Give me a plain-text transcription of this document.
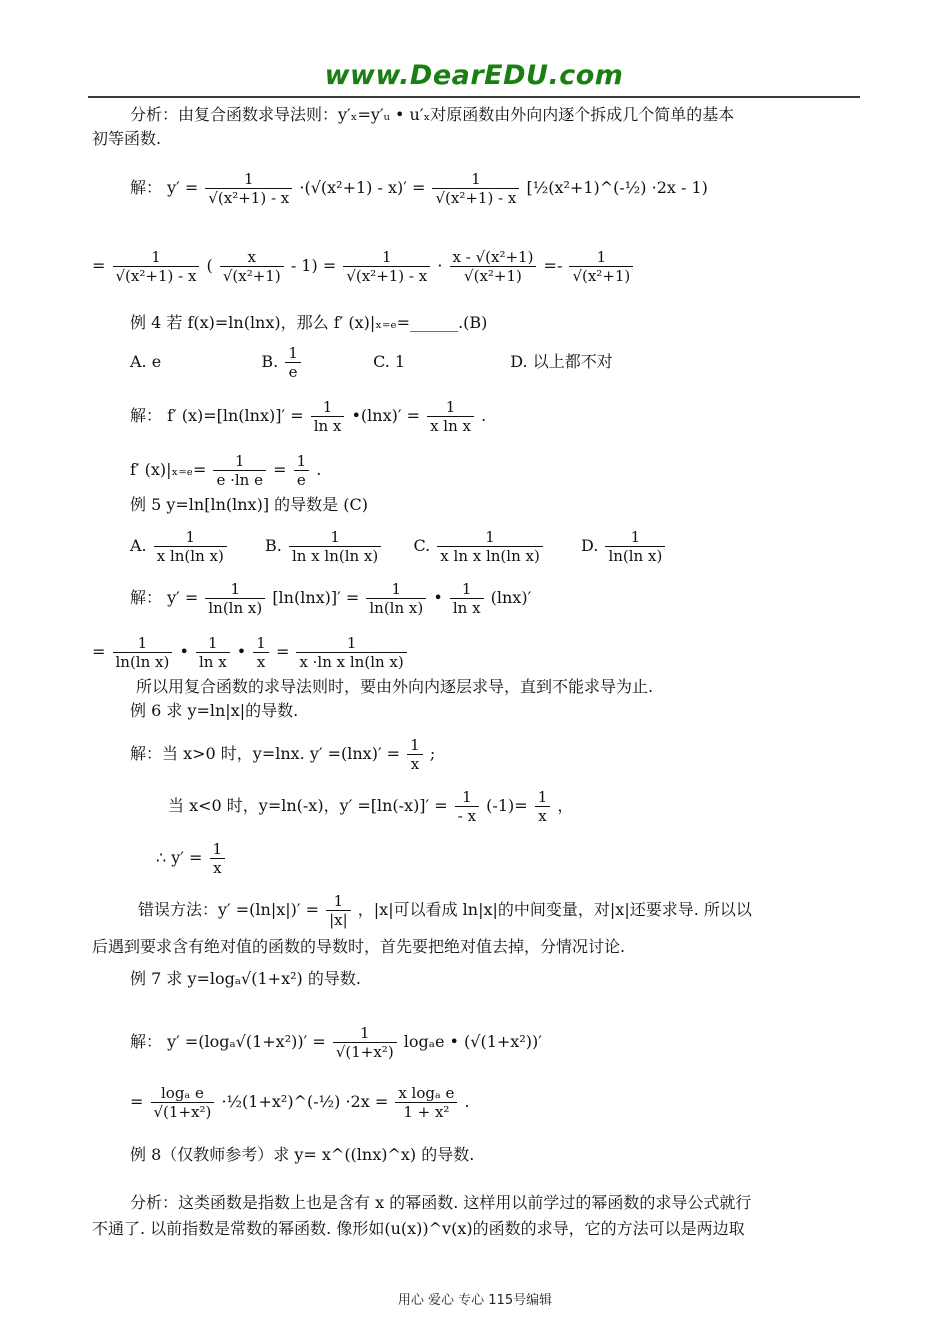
www.DearEDU.com
分析：由复合函数求导法则：y′ₓ=y′ᵤ • u′ₓ对原函数由外向内逐个拆成几个简单的基本
初等函数.
解： $y' = \frac{1}{\text{√(x²+1) - x}} \cdot(√(x^2+1) - x)' = \frac{1}{\text{√(x²+1) - x}}$ [½(x²+1)^(-½) ·2x - 1)
= $\frac{1}{\text{√(x²+1) - x}}$ ( $\frac{x}{\text{√(x²+1)}} - 1) = \frac{1}{\text{√(x²+1) - x}} \cdot \frac{\text{x - √(x²+1)}}{\text{√(x²+1)}} =- \frac{1}{\text{√(x²+1)}}$
例 4 若 f(x)=ln(lnx)，那么 f′ (x)|ₓ₌ₑ=______.(B)
A. e	B. $\frac{1}{e}$	C. 1	D. 以上都不对
解： f′ $(x)=[\ln(\ln x)]' = \frac{1}{\text{ln x}}$ •(lnx)′ = $\frac{1}{\text{x ln x}}$ .
f′ $(x)|_{x=e}= \frac{1}{\text{e ·ln e}} = \frac{1}{e}$ .
例 5 y=ln[ln(lnx)] 的导数是 (C)
A. $\frac{1}{\text{x ln(ln x)}} B$. $\frac{1}{\text{ln x ln(ln x)}} C$. $\frac{1}{\text{x ln x ln(ln x)}} D$. $\frac{1}{\text{ln(ln x)}}$
解： $y' = \frac{1}{\text{ln(ln x)}} [\ln(\ln x)]' = \frac{1}{\text{ln(ln x)}}$ • $\frac{1}{\text{ln x}} (\ln x)'$
= $\frac{1}{\text{ln(ln x)}}$ • $\frac{1}{\text{ln x}}$ • $\frac{1}{x} = \frac{1}{\text{x ·ln x ln(ln x)}}$
所以用复合函数的求导法则时，要由外向内逐层求导，直到不能求导为止.
例 6 求 y=ln|x|的导数.
解：当 x>0 时，y=lnx. $y' =(\ln x)' = \frac{1}{x}$ ;
当 x<0 时，y=ln(-x)，$y' =[\ln(-x)]' = \frac{1}{- x} (-1)= \frac{1}{x}$ ，
∴ $y' = \frac{1}{x}$
错误方法：$y' =(\ln|x|)' = \frac{1}{|x|}$ ，|x|可以看成 ln|x|的中间变量，对|x|还要求导. 所以以
后遇到要求含有绝对值的函数的导数时，首先要把绝对值去掉，分情况讨论.
例 7 求 y=logₐ√(1+x²) 的导数.
解： $y' =(\log_a√(1+x^2))' = \frac{1}{\text{√(1+x²)}}$ logₐe • (√(1+x²))′
= $\frac{\text{logₐ e}}{\text{√(1+x²)}}$ ·½(1+x²)^(-½) $\cdot 2x = \frac{\text{x logₐ e}}{\text{1 + x²}}$ .
例 8（仅教师参考）求 y= x^((lnx)^x) 的导数.
分析：这类函数是指数上也是含有 x 的幂函数. 这样用以前学过的幂函数的求导公式就行
不通了. 以前指数是常数的幂函数. 像形如(u(x))^v(x)的函数的求导，它的方法可以是两边取
用心 爱心 专心 115号编辑
